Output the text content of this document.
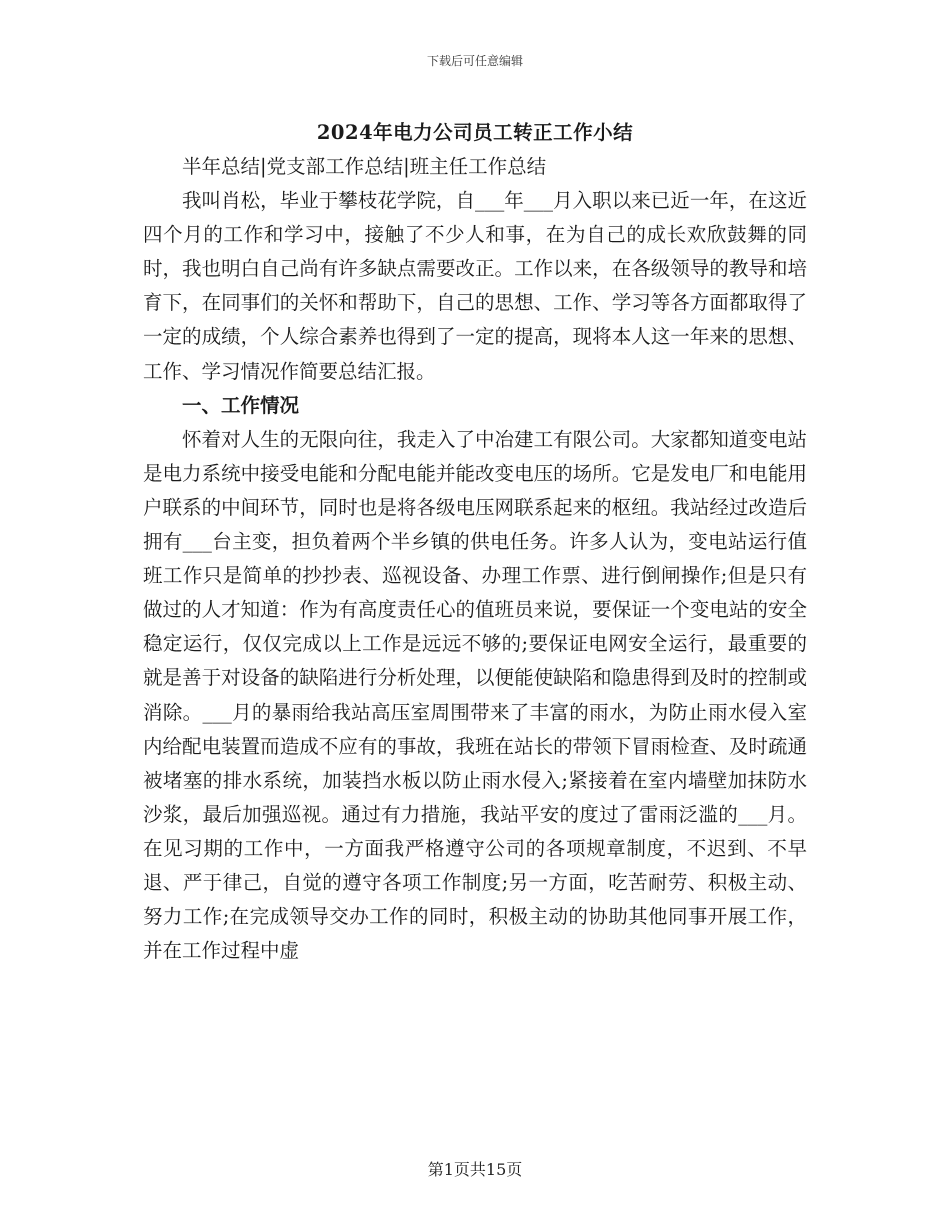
下载后可任意编辑
2024年电力公司员工转正工作小结

半年总结|党支部工作总结|班主任工作总结

我叫肖松，毕业于攀枝花学院，自___年___月入职以来已近一年，在这近四个月的工作和学习中，接触了不少人和事，在为自己的成长欢欣鼓舞的同时，我也明白自己尚有许多缺点需要改正。工作以来，在各级领导的教导和培育下，在同事们的关怀和帮助下，自己的思想、工作、学习等各方面都取得了一定的成绩，个人综合素养也得到了一定的提高，现将本人这一年来的思想、工作、学习情况作简要总结汇报。

一、工作情况

怀着对人生的无限向往，我走入了中冶建工有限公司。大家都知道变电站是电力系统中接受电能和分配电能并能改变电压的场所。它是发电厂和电能用户联系的中间环节，同时也是将各级电压网联系起来的枢纽。我站经过改造后拥有___台主变，担负着两个半乡镇的供电任务。许多人认为，变电站运行值班工作只是简单的抄抄表、巡视设备、办理工作票、进行倒闸操作;但是只有做过的人才知道：作为有高度责任心的值班员来说，要保证一个变电站的安全稳定运行，仅仅完成以上工作是远远不够的;要保证电网安全运行，最重要的就是善于对设备的缺陷进行分析处理，以便能使缺陷和隐患得到及时的控制或消除。___月的暴雨给我站高压室周围带来了丰富的雨水，为防止雨水侵入室内给配电装置而造成不应有的事故，我班在站长的带领下冒雨检查、及时疏通被堵塞的排水系统，加装挡水板以防止雨水侵入;紧接着在室内墙壁加抹防水沙浆，最后加强巡视。通过有力措施，我站平安的度过了雷雨泛滥的___月。在见习期的工作中，一方面我严格遵守公司的各项规章制度，不迟到、不早退、严于律己，自觉的遵守各项工作制度;另一方面，吃苦耐劳、积极主动、努力工作;在完成领导交办工作的同时，积极主动的协助其他同事开展工作，并在工作过程中虚

第1页共15页
